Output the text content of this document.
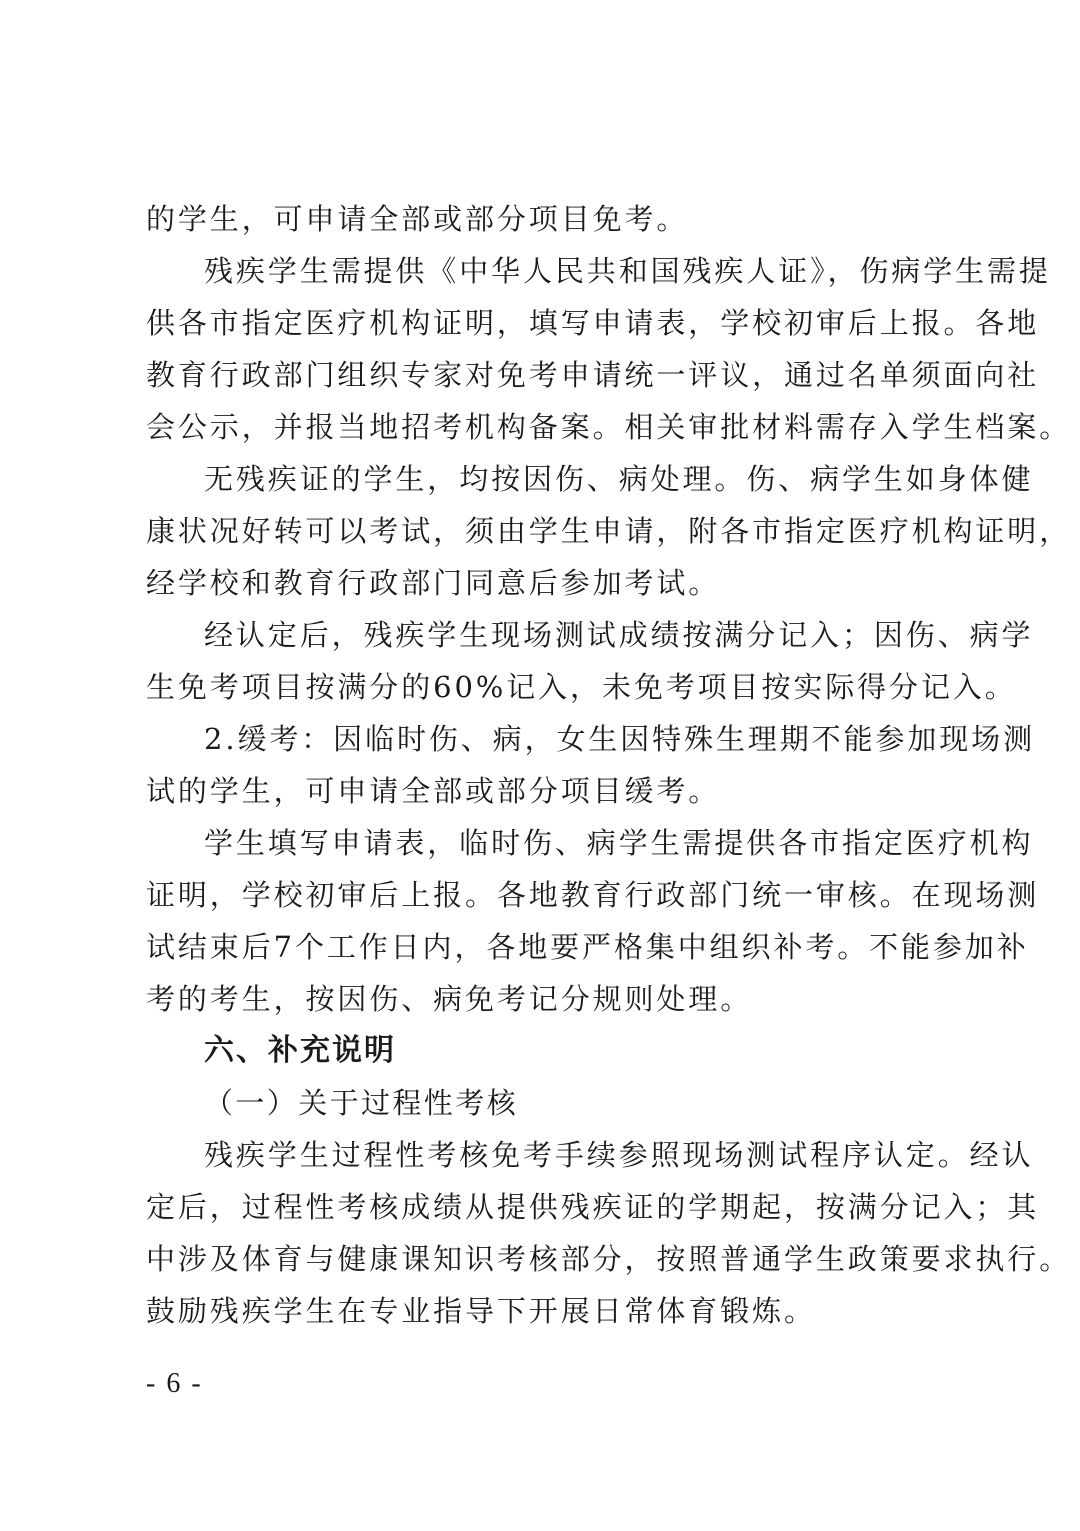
的学生，可申请全部或部分项目免考。
残疾学生需提供《中华人民共和国残疾人证》，伤病学生需提
供各市指定医疗机构证明，填写申请表，学校初审后上报。各地
教育行政部门组织专家对免考申请统一评议，通过名单须面向社
会公示，并报当地招考机构备案。相关审批材料需存入学生档案。
无残疾证的学生，均按因伤、病处理。伤、病学生如身体健
康状况好转可以考试，须由学生申请，附各市指定医疗机构证明，
经学校和教育行政部门同意后参加考试。
经认定后，残疾学生现场测试成绩按满分记入；因伤、病学
生免考项目按满分的60%记入，未免考项目按实际得分记入。
2.缓考：因临时伤、病，女生因特殊生理期不能参加现场测
试的学生，可申请全部或部分项目缓考。
学生填写申请表，临时伤、病学生需提供各市指定医疗机构
证明，学校初审后上报。各地教育行政部门统一审核。在现场测
试结束后7个工作日内，各地要严格集中组织补考。不能参加补
考的考生，按因伤、病免考记分规则处理。
六、补充说明
（一）关于过程性考核
残疾学生过程性考核免考手续参照现场测试程序认定。经认
定后，过程性考核成绩从提供残疾证的学期起，按满分记入；其
中涉及体育与健康课知识考核部分，按照普通学生政策要求执行。
鼓励残疾学生在专业指导下开展日常体育锻炼。
- 6 -
